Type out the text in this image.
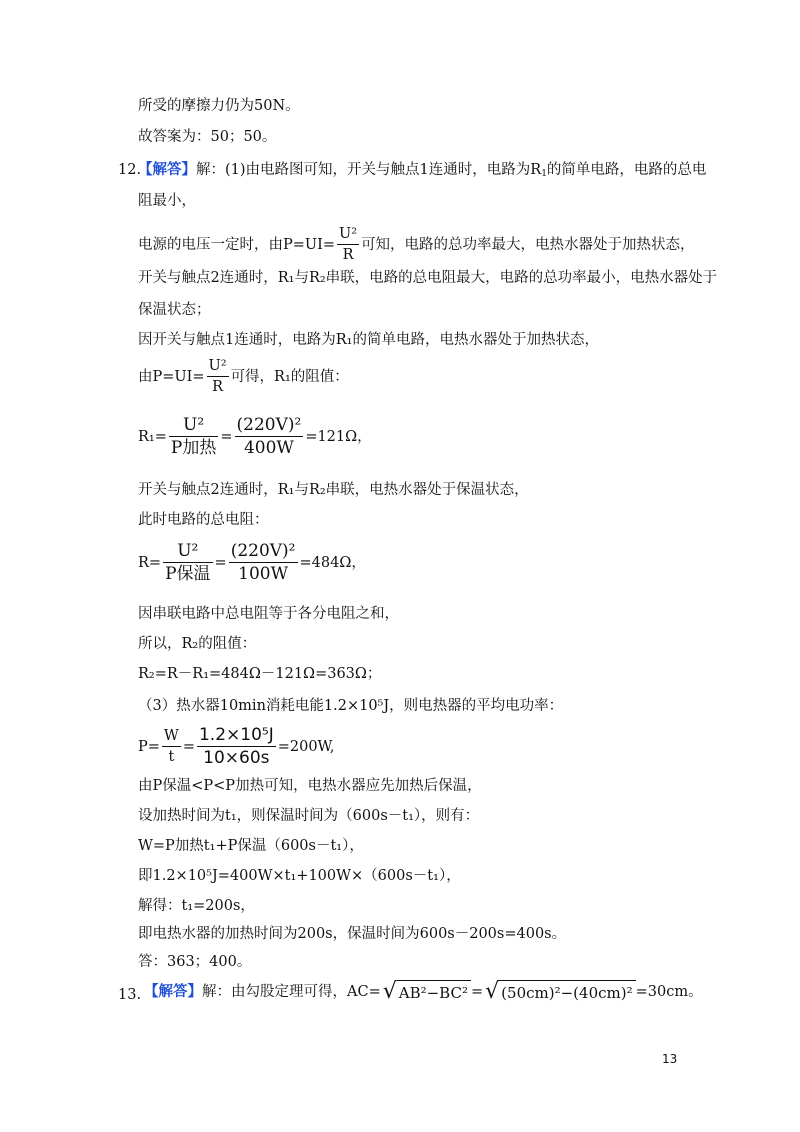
所受的摩擦力仍为50N。
故答案为：50；50。
12.
【解答】解：(1)由电路图可知，开关与触点1连通时，电路为$R_1$的简单电路，电路的总电
阻最小，
电源的电压一定时，由$P=UI= \frac{\text{U²}}{R}$ 可知，电路的总功率最大，电热水器处于加热状态，
开关与触点2连通时，R₁与R₂串联，电路的总电阻最大，电路的总功率最小，电热水器处于
保温状态；
因开关与触点1连通时，电路为R₁的简单电路，电热水器处于加热状态，
由$P=UI= \frac{\text{U²}}{R}$ 可得，R₁的阻值：
$R_1= \frac{\text{U²}}{\text{P加热}} = \frac{\text{(220V)²}}{400W} =121\Omega$，
开关与触点2连通时，R₁与R₂串联，电热水器处于保温状态，
此时电路的总电阻：
$R= \frac{\text{U²}}{\text{P保温}} = \frac{\text{(220V)²}}{100W} =484\Omega$，
因串联电路中总电阻等于各分电阻之和，
所以，R₂的阻值：
R₂=R－R₁=484Ω－121Ω=363Ω；
（3）热水器10min消耗电能1.2×10⁵J，则电热器的平均电功率：
$P= \frac{W}{t} = \frac{\text{1.2×10⁵J}}{10\times 60s} =200W$,
由P保温<P<P加热可知，电热水器应先加热后保温，
设加热时间为t₁，则保温时间为（600s－t₁），则有：
W=P加热t₁+P保温（600s－t₁），
即1.2×10⁵J=400W×t₁+100W×（600s－t₁），
解得：t₁=200s，
即电热水器的加热时间为200s，保温时间为600s－200s=400s。
答：363；400。
13. 【解答】解：由勾股定理可得，AC=√ AB²−BC² =√ (50cm)²−(40cm)² =30cm。
13
